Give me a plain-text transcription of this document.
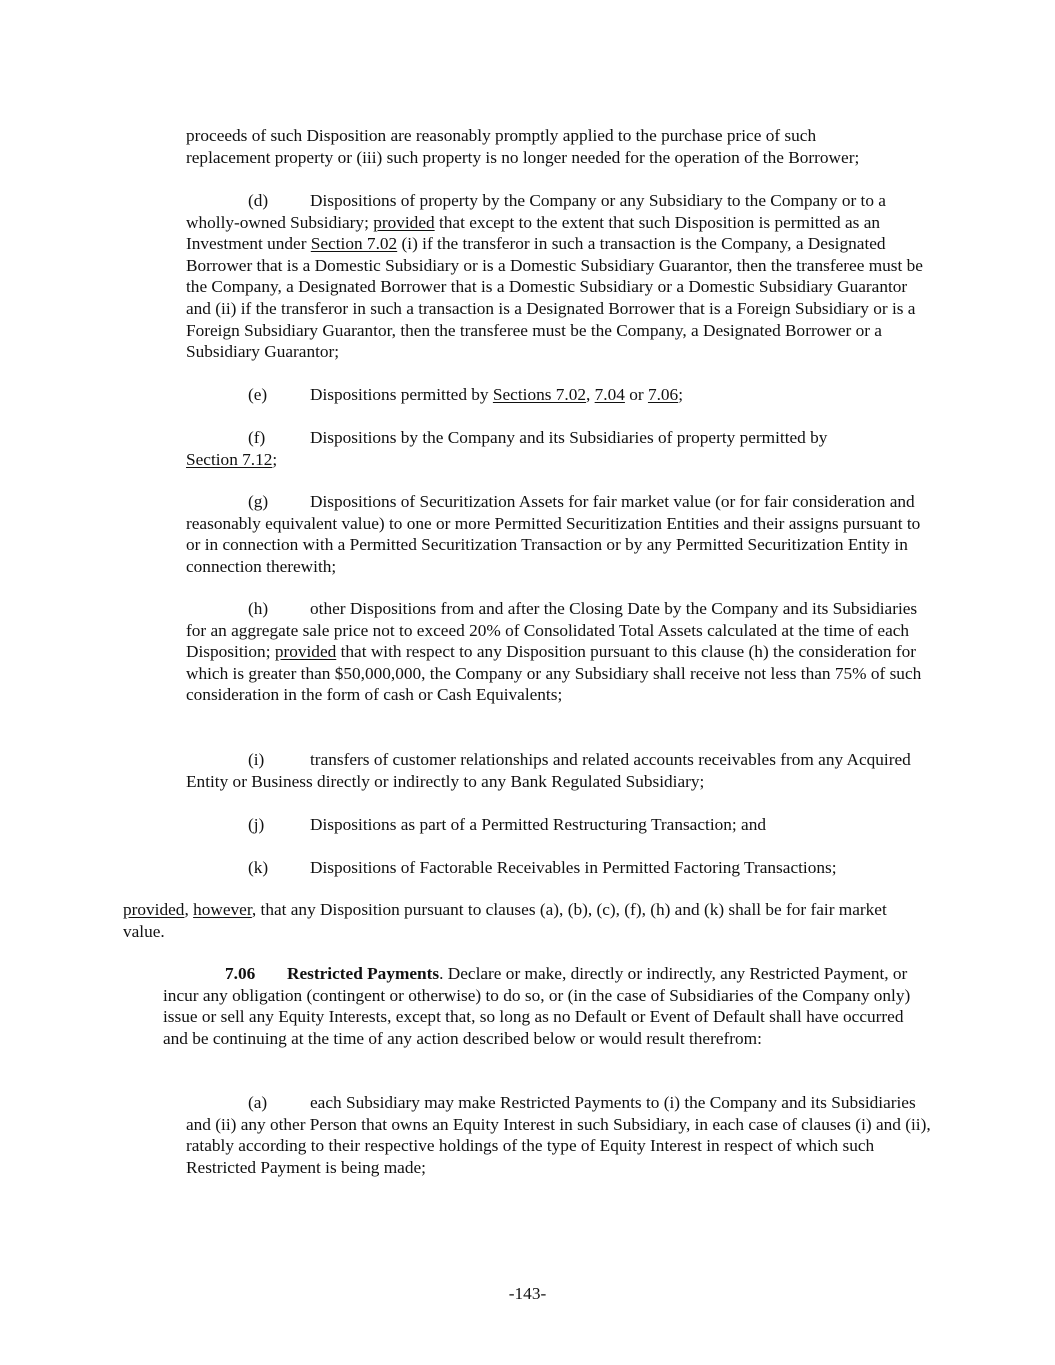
proceeds of such Disposition are reasonably promptly applied to the purchase price of such
replacement property or (iii) such property is no longer needed for the operation of the Borrower;

(d) Dispositions of property by the Company or any Subsidiary to the Company or to a wholly-owned Subsidiary; provided that except to the extent that such Disposition is permitted as an Investment under Section 7.02 (i) if the transferor in such a transaction is the Company, a Designated Borrower that is a Domestic Subsidiary or is a Domestic Subsidiary Guarantor, then the transferee must be the Company, a Designated Borrower that is a Domestic Subsidiary or a Domestic Subsidiary Guarantor and (ii) if the transferor in such a transaction is a Designated Borrower that is a Foreign Subsidiary or is a Foreign Subsidiary Guarantor, then the transferee must be the Company, a Designated Borrower or a Subsidiary Guarantor;

(e) Dispositions permitted by Sections 7.02, 7.04 or 7.06;

(f)	Dispositions by the Company and its Subsidiaries of property permitted by
Section 7.12;

(g) Dispositions of Securitization Assets for fair market value (or for fair consideration and reasonably equivalent value) to one or more Permitted Securitization Entities and their assigns pursuant to or in connection with a Permitted Securitization Transaction or by any Permitted Securitization Entity in connection therewith;

(h) other Dispositions from and after the Closing Date by the Company and its Subsidiaries for an aggregate sale price not to exceed 20% of Consolidated Total Assets calculated at the time of each Disposition; provided that with respect to any Disposition pursuant to this clause (h) the consideration for which is greater than $50,000,000, the Company or any Subsidiary shall receive not less than 75% of such consideration in the form of cash or Cash Equivalents;

(i)	transfers of customer relationships and related accounts receivables from any Acquired Entity or Business directly or indirectly to any Bank Regulated Subsidiary;

(j)	Dispositions as part of a Permitted Restructuring Transaction; and

(k) Dispositions of Factorable Receivables in Permitted Factoring Transactions;

provided, however, that any Disposition pursuant to clauses (a), (b), (c), (f), (h) and (k) shall be for fair market value.

7.06 Restricted Payments. Declare or make, directly or indirectly, any Restricted Payment, or incur any obligation (contingent or otherwise) to do so, or (in the case of Subsidiaries of the Company only) issue or sell any Equity Interests, except that, so long as no Default or Event of Default shall have occurred and be continuing at the time of any action described below or would result therefrom:

(a) each Subsidiary may make Restricted Payments to (i) the Company and its Subsidiaries and (ii) any other Person that owns an Equity Interest in such Subsidiary, in each case of clauses (i) and (ii), ratably according to their respective holdings of the type of Equity Interest in respect of which such Restricted Payment is being made;

-143-
